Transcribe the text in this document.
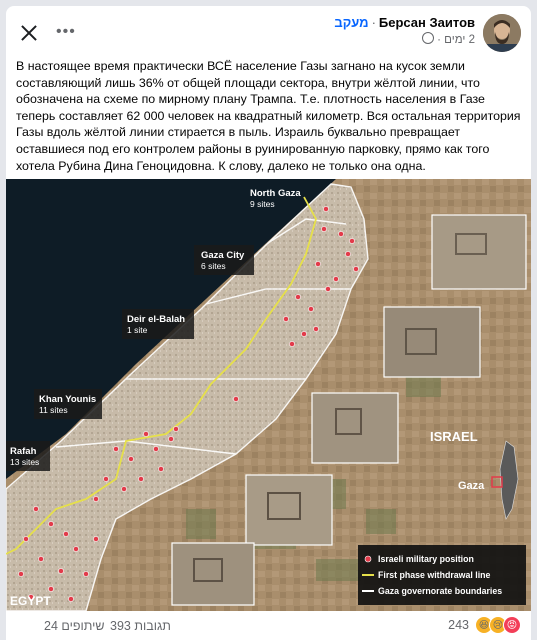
•••
Берсан Заитов·מעקב
2 ימים ·
В настоящее время практически ВСЁ население Газы загнано на кусок земли составляющий лишь 36% от общей площади сектора, внутри жёлтой линии, что обозначена на схеме по мирному плану Трампа. Т.е. плотность населения в Газе теперь составляет 62 000 человек на квадратный километр. Вся остальная территория Газы вдоль жёлтой линии стирается в пыль. Израиль буквально превращает оставшиеся под его контролем районы в руинированную парковку, прямо как того хотела Рубина Дина Геноцидовна. К слову, далеко не только она одна.
North Gaza
9 sites
Gaza City
6 sites
Deir el-Balah
1 site
Khan Younis
11 sites
Rafah
13 sites
ISRAEL
EGYPT
Gaza
Israeli military position
First phase withdrawal line
Gaza governorate boundaries
24 שיתופים 393 תגובות	243 😆 😢 😡
